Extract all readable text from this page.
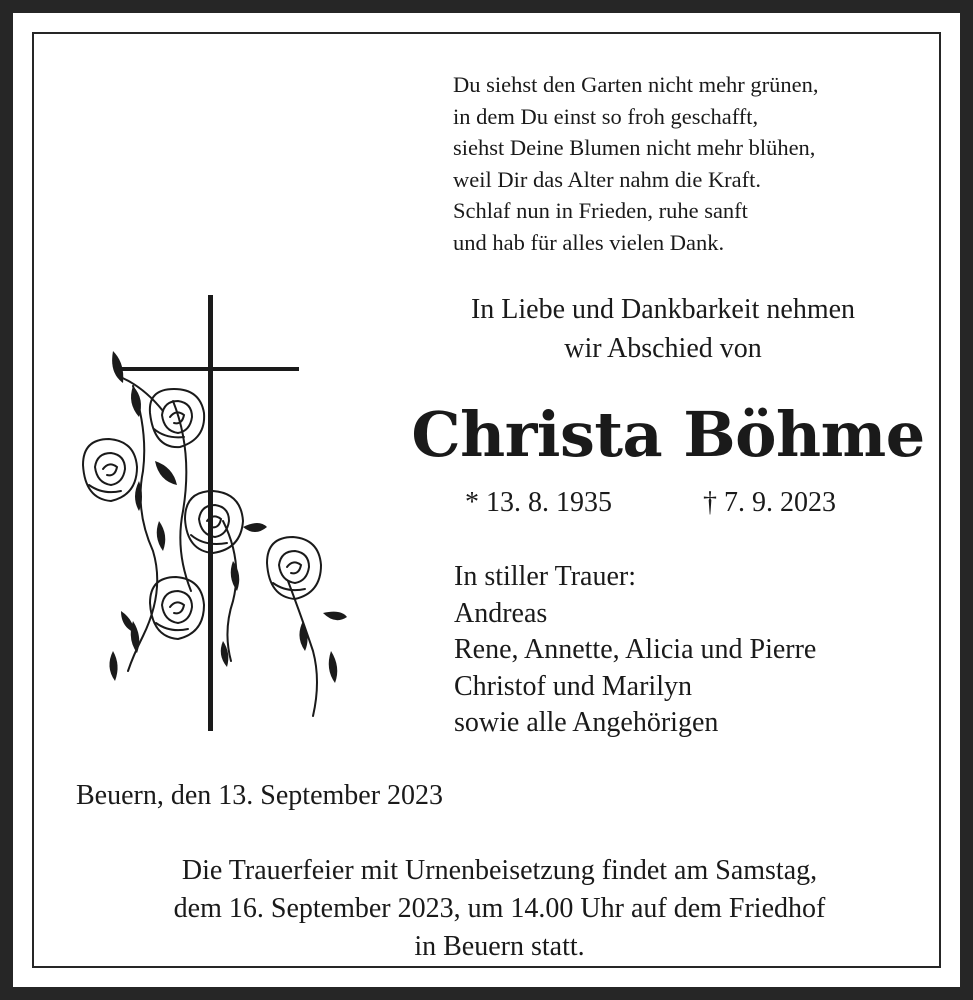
Du siehst den Garten nicht mehr grünen,
in dem Du einst so froh geschafft,
siehst Deine Blumen nicht mehr blühen,
weil Dir das Alter nahm die Kraft.
Schlaf nun in Frieden, ruhe sanft
und hab für alles vielen Dank.
In Liebe und Dankbarkeit nehmen
wir Abschied von
Christa Böhme
* 13. 8. 1935	† 7. 9. 2023
In stiller Trauer:
Andreas
Rene, Annette, Alicia und Pierre
Christof und Marilyn
sowie alle Angehörigen
Beuern, den 13. September 2023
Die Trauerfeier mit Urnenbeisetzung findet am Samstag,
dem 16. September 2023, um 14.00 Uhr auf dem Friedhof
in Beuern statt.
